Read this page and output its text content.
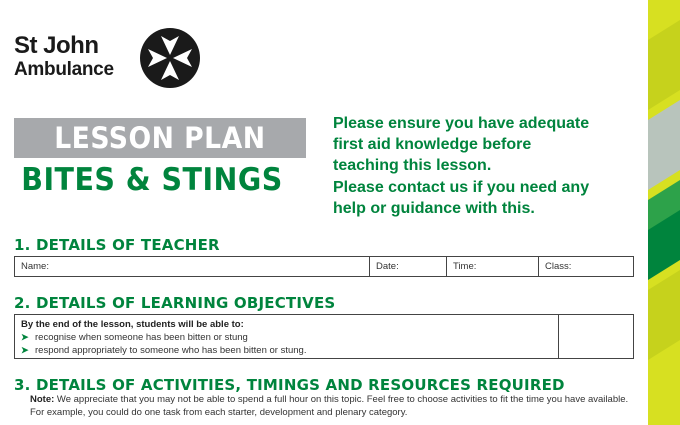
St John
Ambulance
LESSON PLAN
BITES & STINGS

Please ensure you have adequate
first aid knowledge before
teaching this lesson.

Please contact us if you need any
help or guidance with this.

1. DETAILS OF TEACHER
Name:	Date:	Time:	Class:
2. DETAILS OF LEARNING OBJECTIVES
By the end of the lesson, students will be able to:
➤ recognise when someone has been bitten or stung
➤ respond appropriately to someone who has been bitten or stung.
3. DETAILS OF ACTIVITIES, TIMINGS AND RESOURCES REQUIRED
Note: We appreciate that you may not be able to spend a full hour on this topic. Feel free to choose activities to fit the time you have available. For example, you could do one task from each starter, development and plenary category.
